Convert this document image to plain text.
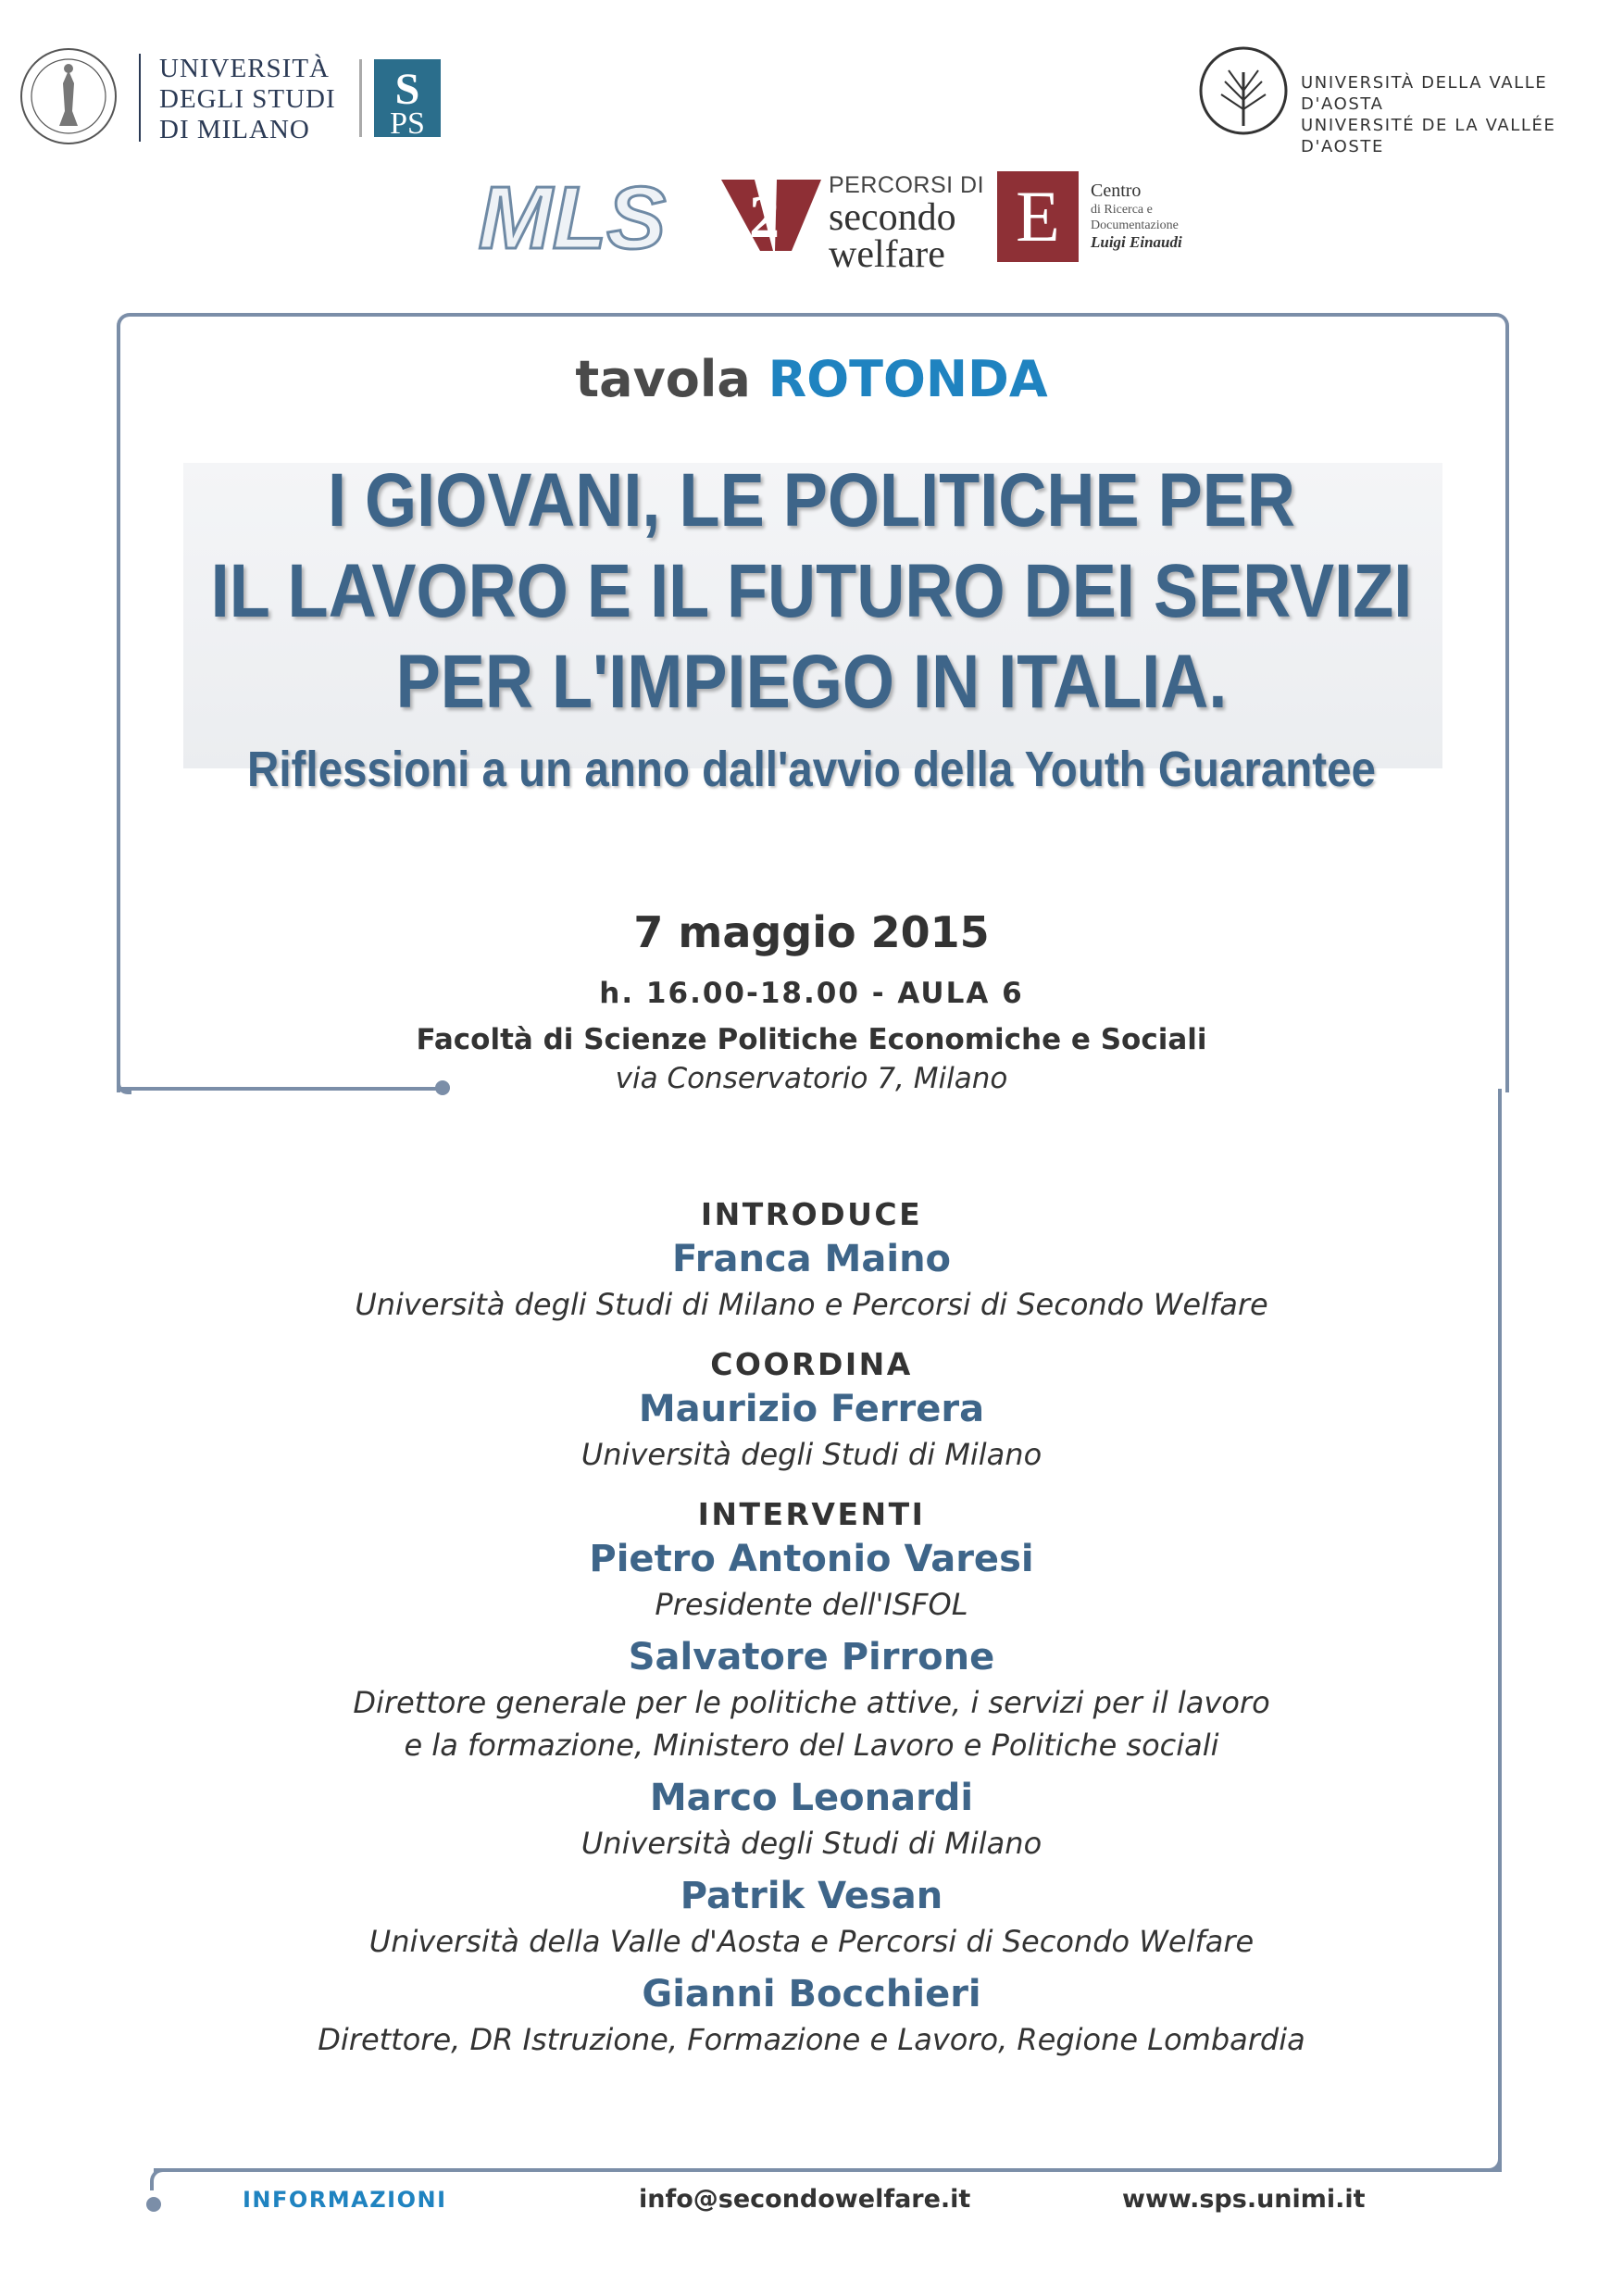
UNIVERSITÀ
DEGLI STUDI
DI MILANO
S
PS
UNIVERSITÀ DELLA VALLE D'AOSTA
UNIVERSITÉ DE LA VALLÉE D'AOSTE
MLS 2 PERCORSI DI
secondo
welfare E	Centro
di Ricerca e
Documentazione
Luigi Einaudi
tavola ROTONDA
I GIOVANI, LE POLITICHE PER
IL LAVORO E IL FUTURO DEI SERVIZI
PER L'IMPIEGO IN ITALIA.
Riflessioni a un anno dall'avvio della Youth Guarantee
7 maggio 2015
h. 16.00-18.00 - AULA 6
Facoltà di Scienze Politiche Economiche e Sociali
via Conservatorio 7, Milano
INTRODUCE
Franca Maino
Università degli Studi di Milano e Percorsi di Secondo Welfare
COORDINA
Maurizio Ferrera
Università degli Studi di Milano
INTERVENTI
Pietro Antonio Varesi
Presidente dell'ISFOL
Salvatore Pirrone
Direttore generale per le politiche attive, i servizi per il lavoro
e la formazione, Ministero del Lavoro e Politiche sociali
Marco Leonardi
Università degli Studi di Milano
Patrik Vesan
Università della Valle d'Aosta e Percorsi di Secondo Welfare
Gianni Bocchieri
Direttore, DR Istruzione, Formazione e Lavoro, Regione Lombardia
INFORMAZIONI	info@secondowelfare.it	www.sps.unimi.it
